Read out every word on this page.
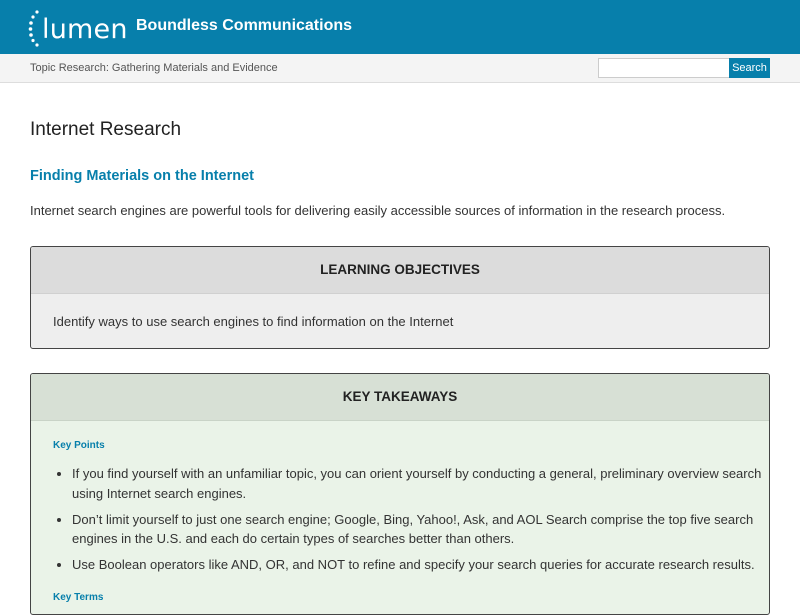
lumen Boundless Communications
Topic Research: Gathering Materials and Evidence	Search
Internet Research
Finding Materials on the Internet

Internet search engines are powerful tools for delivering easily accessible sources of information in the research process.

LEARNING OBJECTIVES
Identify ways to use search engines to find information on the Internet
KEY TAKEAWAYS
Key Points
• If you find yourself with an unfamiliar topic, you can orient yourself by conducting a general, preliminary overview search using Internet search engines.
• Don’t limit yourself to just one search engine; Google, Bing, Yahoo!, Ask, and AOL Search comprise the top five search engines in the U.S. and each do certain types of searches better than others.
• Use Boolean operators like AND, OR, and NOT to refine and specify your search queries for accurate research results.
Key Terms
